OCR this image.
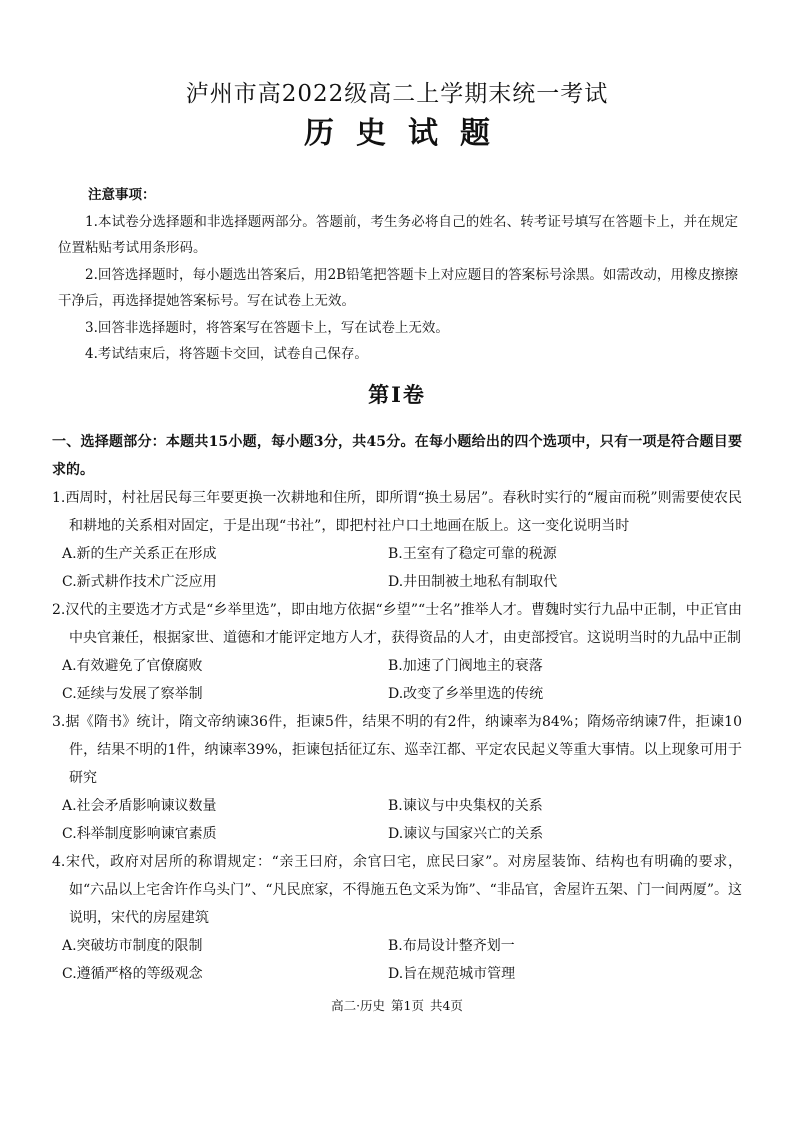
泸州市高2022级高二上学期末统一考试
历史试题
注意事项：

1.本试卷分选择题和非选择题两部分。答题前，考生务必将自己的姓名、转考证号填写在答题卡上，并在规定位置粘贴考试用条形码。

2.回答选择题时，每小题选出答案后，用2B铅笔把答题卡上对应题目的答案标号涂黑。如需改动，用橡皮擦擦干净后，再选择提她答案标号。写在试卷上无效。

3.回答非选择题时，将答案写在答题卡上，写在试卷上无效。

4.考试结束后，将答题卡交回，试卷自己保存。

第Ⅰ卷
一、选择题部分：本题共15小题，每小题3分，共45分。在每小题给出的四个选项中，只有一项是符合题目要求的。

1.西周时，村社居民每三年要更换一次耕地和住所，即所谓“换土易居”。春秋时实行的“履亩而税”则需要使农民和耕地的关系相对固定，于是出现“书社”，即把村社户口土地画在版上。这一变化说明当时

A.新的生产关系正在形成	B.王室有了稳定可靠的税源
C.新式耕作技术广泛应用	D.井田制被土地私有制取代

2.汉代的主要选才方式是“乡举里选”，即由地方依据“乡望”“士名”推举人才。曹魏时实行九品中正制，中正官由中央官兼任，根据家世、道德和才能评定地方人才，获得资品的人才，由吏部授官。这说明当时的九品中正制

A.有效避免了官僚腐败	B.加速了门阀地主的衰落
C.延续与发展了察举制	D.改变了乡举里选的传统

3.据《隋书》统计，隋文帝纳谏36件，拒谏5件，结果不明的有2件，纳谏率为84%；隋炀帝纳谏7件，拒谏10件，结果不明的1件，纳谏率39%，拒谏包括征辽东、巡幸江都、平定农民起义等重大事情。以上现象可用于研究

A.社会矛盾影响谏议数量	B.谏议与中央集权的关系
C.科举制度影响谏官素质	D.谏议与国家兴亡的关系

4.宋代，政府对居所的称谓规定：“亲王曰府，余官曰宅，庶民曰家”。对房屋装饰、结构也有明确的要求，如“六品以上宅舍许作乌头门”、“凡民庶家，不得施五色文采为饰”、“非品官，舍屋许五架、门一间两厦”。这说明，宋代的房屋建筑

A.突破坊市制度的限制	B.布局设计整齐划一
C.遵循严格的等级观念	D.旨在规范城市管理
高二·历史 第1页 共4页
